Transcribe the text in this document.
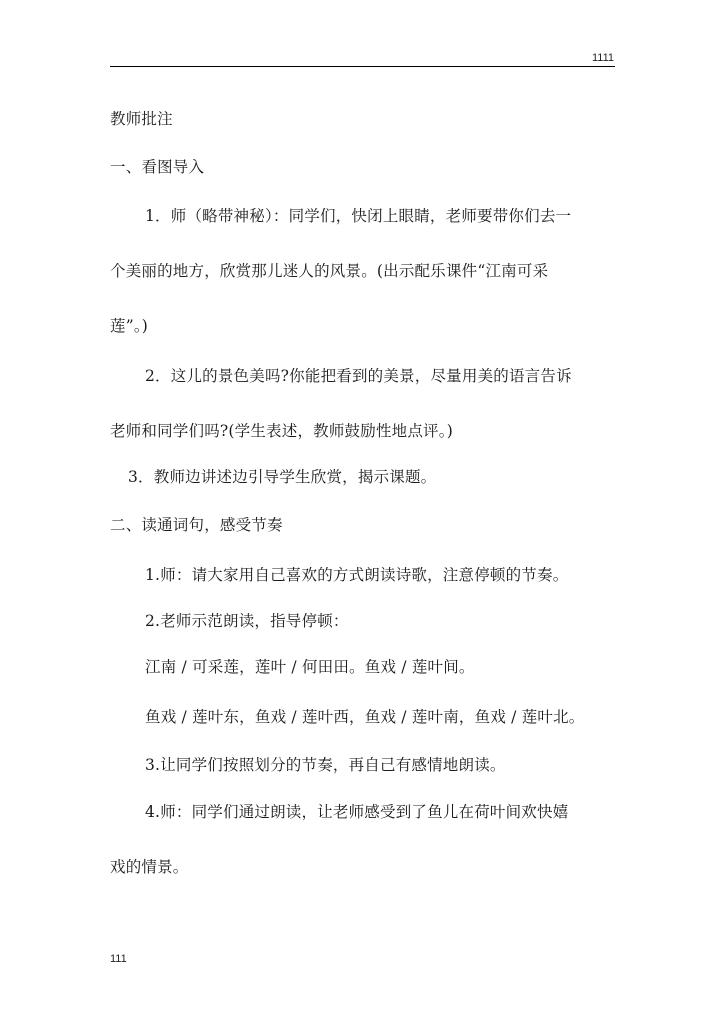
1111
教师批注
一、看图导入
1．师（略带神秘）：同学们，快闭上眼睛，老师要带你们去一
个美丽的地方，欣赏那儿迷人的风景。(出示配乐课件“江南可采
莲”。)
2．这儿的景色美吗?你能把看到的美景，尽量用美的语言告诉
老师和同学们吗?(学生表述，教师鼓励性地点评。)
3．教师边讲述边引导学生欣赏，揭示课题。
二、读通词句，感受节奏
1.师：请大家用自己喜欢的方式朗读诗歌，注意停顿的节奏。
2.老师示范朗读，指导停顿：
江南 / 可采莲，莲叶 / 何田田。鱼戏 / 莲叶间。
鱼戏 / 莲叶东，鱼戏 / 莲叶西，鱼戏 / 莲叶南，鱼戏 / 莲叶北。
3.让同学们按照划分的节奏，再自己有感情地朗读。
4.师：同学们通过朗读，让老师感受到了鱼儿在荷叶间欢快嬉
戏的情景。
111
